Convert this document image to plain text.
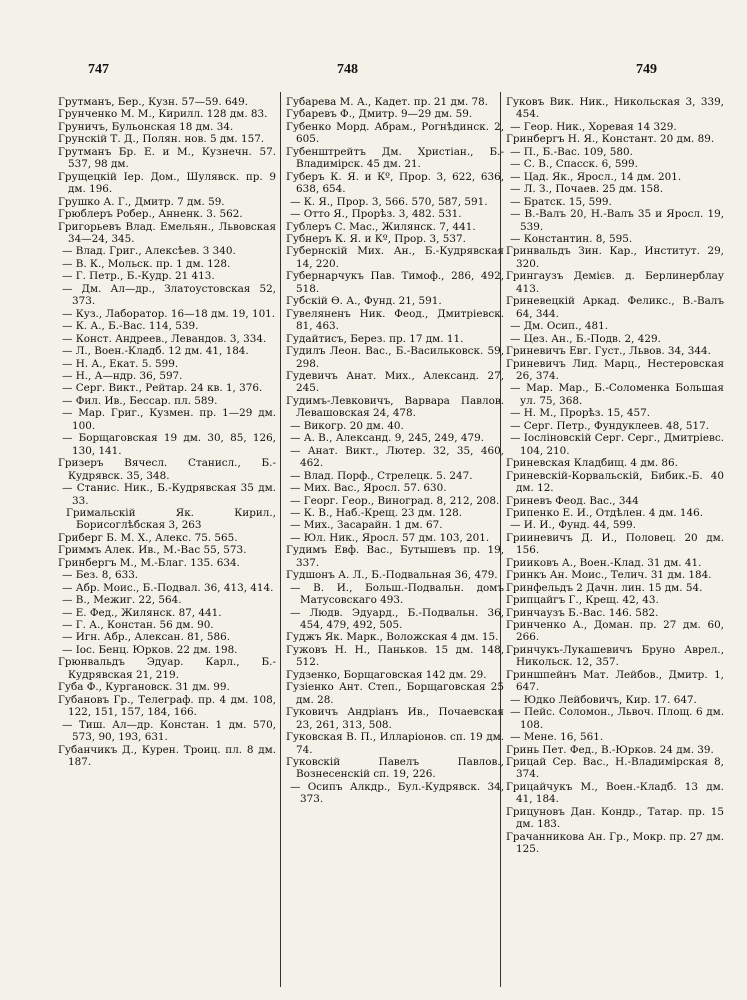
747	748	749

Грутманъ, Бер., Кузн. 57—59. 649.

Грунченко М. М., Кирилл. 128 дм. 83.

Груничъ, Бульонская 18 дм. 34.

Грунскій Т. Д., Полян. нов. 5 дм. 157.

Грутманъ Бр. Е. и М., Кузнечн. 57. 537, 98 дм.

Грущецкій Іер. Дом., Шулявск. пр. 9 дм. 196.

Грушко А. Г., Дмитр. 7 дм. 59.

Грюблеръ Робер., Анненк. 3. 562.

Григорьевъ Влад. Емельян., Львовская 34—24, 345.

— Влад. Григ., Алексѣев. 3 340.

— В. К., Мольск. пр. 1 дм. 128.

— Г. Петр., Б.-Кудр. 21 413.

— Дм. Ал—др., Златоустовская 52, 373.

— Куз., Лаборатор. 16—18 дм. 19, 101.

— К. А., Б.-Вас. 114, 539.

— Конст. Андреев., Левандов. 3, 334.

— Л., Воен.-Кладб. 12 дм. 41, 184.

— Н. А., Екат. 5. 599.

— Н., А—ндр. 36, 597.

— Серг. Викт., Рейтар. 24 кв. 1, 376.

— Фил. Ив., Бессар. пл. 589.

— Мар. Григ., Кузмен. пр. 1—29 дм. 100.

— Борщаговская 19 дм. 30, 85, 126, 130, 141.

Гризеръ Вячесл. Станисл., Б.-Кудрявск. 35, 348.

— Станис. Ник., Б.-Кудрявская 35 дм. 33.

Гримальскій Як. Кирил., Борисоглѣбская 3, 263

Гриберг Б. М. Х., Алекс. 75. 565.

Гриммъ Алек. Ив., М.-Вас 55, 573.

Гринбергъ М., М.-Благ. 135. 634.

— Без. 8, 633.

— Абр. Моис., Б.-Подвал. 36, 413, 414.

— В., Межиг. 22, 564.

— Е. Фед., Жилянск. 87, 441.

— Г. А., Констан. 56 дм. 90.

— Игн. Абр., Алексан. 81, 586.

— Іос. Бенц. Юрков. 22 дм. 198.

Грюнвальдъ Эдуар. Карл., Б.-Кудрявская 21, 219.

Губа Ф., Кургановск. 31 дм. 99.

Губановъ Гр., Телеграф. пр. 4 дм. 108, 122, 151, 157, 184, 166.

— Тиш. Ал—др. Констан. 1 дм. 570, 573, 90, 193, 631.

Губанчикъ Д., Курен. Троиц. пл. 8 дм. 187.

Губарева М. А., Кадет. пр. 21 дм. 78.

Губаревъ Ф., Дмитр. 9—29 дм. 59.

Губенко Морд. Абрам., Рогнѣдинск. 2, 605.

Губенштрейтъ Дм. Христіан., Б.-Владимірск. 45 дм. 21.

Губеръ К. Я. и Кº, Прор. 3, 622, 636, 638, 654.

— К. Я., Прор. 3, 566. 570, 587, 591.

— Отто Я., Прорѣз. 3, 482. 531.

Гублеръ С. Мас., Жилянск. 7, 441.

Губнеръ К. Я. и Кº, Прор. 3, 537.

Губернскій Мих. Ан., Б.-Кудрявская 14, 220.

Губернарчукъ Пав. Тимоф., 286, 492, 518.

Губскій Ө. А., Фунд. 21, 591.

Гувеляненъ Ник. Феод., Дмитріевск. 81, 463.

Гудайтисъ, Берез. пр. 17 дм. 11.

Гудилъ Леон. Вас., Б.-Васильковск. 59, 298.

Гудевичъ Анат. Мих., Александ. 27, 245.

Гудимъ-Левковичъ, Варвара Павлов. Левашовская 24, 478.

— Викогр. 20 дм. 40.

— А. В., Александ. 9, 245, 249, 479.

— Анат. Викт., Лютер. 32, 35, 460, 462.

— Влад. Порф., Стрелецк. 5. 247.

— Мих. Вас., Яросл. 57. 630.

— Георг. Геор., Виноград. 8, 212, 208.

— К. В., Наб.-Крещ. 23 дм. 128.

— Мих., Засарайн. 1 дм. 67.

— Юл. Ник., Яросл. 57 дм. 103, 201.

Гудимъ Евф. Вас., Бутышевъ пр. 19, 337.

Гудшонъ А. Л., Б.-Подвальная 36, 479.

— В. И., Больш.-Подвальн. домъ Матусовскаго 493.

— Людв. Эдуард., Б.-Подвальн. 36, 454, 479, 492, 505.

Гуджъ Як. Марк., Воложская 4 дм. 15.

Гужовъ Н. Н., Паньков. 15 дм. 148, 512.

Гудзенко, Борщаговская 142 дм. 29.

Гузіенко Ант. Степ., Борщаговская 25 дм. 28.

Гуковичъ Андріанъ Ив., Почаевская 23, 261, 313, 508.

Гуковская В. П., Илларіонов. сп. 19 дм. 74.

Гуковскій Павелъ Павлов., Вознесенскій сп. 19, 226.

— Осипъ Алкдр., Бул.-Кудрявск. 34, 373.

Гуковъ Вик. Ник., Никольская 3, 339, 454.

— Геор. Ник., Хоревая 14 329.

Гринбергъ Н. Я., Констант. 20 дм. 89.

— П., Б.-Вас. 109, 580.

— С. В., Спасск. 6, 599.

— Цад. Як., Яросл., 14 дм. 201.

— Л. З., Почаев. 25 дм. 158.

— Братск. 15, 599.

— В.-Валъ 20, Н.-Валъ 35 и Яросл. 19, 539.

— Константин. 8, 595.

Гринвальдъ Зин. Кар., Институт. 29, 320.

Грингаузъ Демієв. д. Берлинерблау 413.

Гриневецкій Аркад. Феликс., В.-Валъ 64, 344.

— Дм. Осип., 481.

— Цез. Ан., Б.-Подв. 2, 429.

Гриневичъ Евг. Густ., Львов. 34, 344.

Гриневичъ Лид. Марц., Нестеровская 26, 374.

— Мар. Мар., Б.-Соломенка Большая ул. 75, 368.

— Н. М., Прорѣз. 15, 457.

— Серг. Петр., Фундуклеев. 48, 517.

— Іосліновскій Серг. Серг., Дмитріевс. 104, 210.

Гриневская Кладбищ. 4 дм. 86.

Гриневскій-Корвальскій, Бибик.-Б. 40 дм. 12.

Гриневъ Феод. Вас., 344

Грипенко Е. И., Отдѣлен. 4 дм. 146.

— И. И., Фунд. 44, 599.

Грииневичъ Д. И., Половец. 20 дм. 156.

Грииковъ А., Воен.-Клад. 31 дм. 41.

Гринкъ Ан. Моис., Телич. 31 дм. 184.

Гринфельдъ 2 Дачн. лин. 15 дм. 54.

Грипцайгъ Г., Крещ. 42, 43.

Гринчаузъ Б.-Вас. 146. 582.

Гринченко А., Доман. пр. 27 дм. 60, 266.

Гринчукъ-Лукашевичъ Бруно Аврел., Никольск. 12, 357.

Гриншпейнъ Мат. Лейбов., Дмитр. 1, 647.

— Юдко Лейбовичъ, Кир. 17. 647.

— Пейс. Соломон., Львоч. Площ. 6 дм. 108.

— Мене. 16, 561.

Гринь Пет. Фед., В.-Юрков. 24 дм. 39.

Грицай Сер. Вас., Н.-Владимірская 8, 374.

Грицайчукъ М., Воен.-Кладб. 13 дм. 41, 184.

Грицуновъ Дан. Кондр., Татар. пр. 15 дм. 183.

Грачанникова Ан. Гр., Мокр. пр. 27 дм. 125.
